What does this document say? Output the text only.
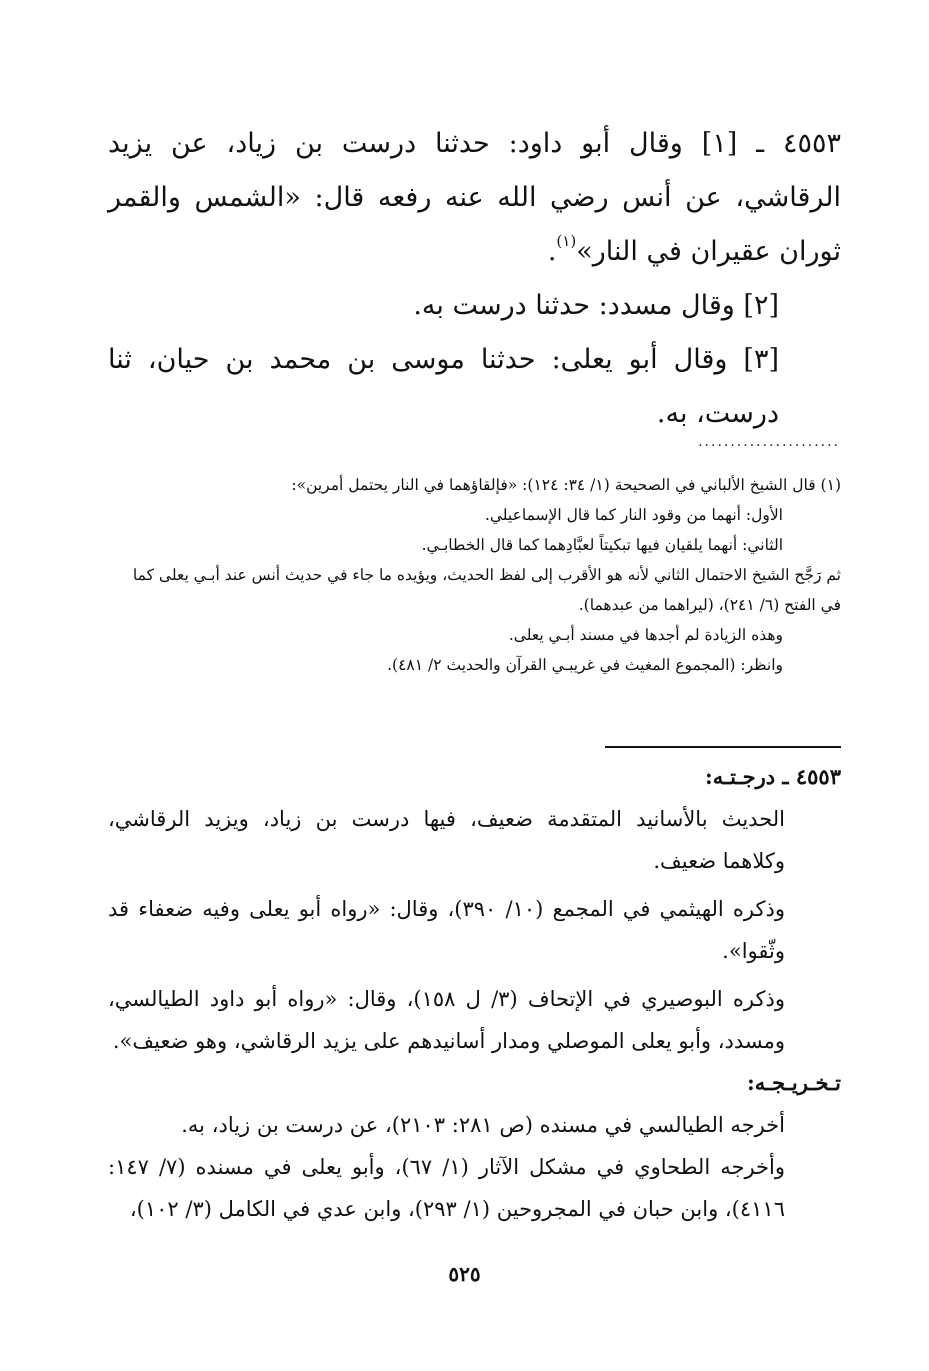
٤٥٥٣ ـ [١] وقال أبو داود: حدثنا درست بن زياد، عن يزيد الرقاشي، عن أنس رضي الله عنه رفعه قال: «الشمس والقمر ثوران عقيران في النار»$^{(١)}$.

[٢] وقال مسدد: حدثنا درست به.

[٣] وقال أبو يعلى: حدثنا موسى بن محمد بن حيان، ثنا درست، به.

......................

(١) قال الشيخ الألباني في الصحيحة (١/ ٣٤: ١٢٤): «فإلقاؤهما في النار يحتمل أمرين»:

الأول: أنهما من وقود النار كما قال الإسماعيلي.

الثاني: أنهما يلقيان فيها تبكيتاً لعبَّادِهما كما قال الخطابـي.

ثم رَجَّح الشيخ الاحتمال الثاني لأنه هو الأقرب إلى لفظ الحديث، ويؤيده ما جاء في حديث أنس عند أبـي يعلى كما في الفتح (٦/ ٢٤١)، (ليراهما من عبدهما).

وهذه الزيادة لم أجدها في مسند أبـي يعلى.

وانظر: (المجموع المغيث في غريبـي القرآن والحديث ٢/ ٤٨١).

٤٥٥٣ ـ درجـتـه:

الحديث بالأسانيد المتقدمة ضعيف، فيها درست بن زياد، ويزيد الرقاشي، وكلاهما ضعيف.

وذكره الهيثمي في المجمع (١٠/ ٣٩٠)، وقال: «رواه أبو يعلى وفيه ضعفاء قد وثّقوا».

وذكره البوصيري في الإتحاف (٣/ ل ١٥٨)، وقال: «رواه أبو داود الطيالسي، ومسدد، وأبو يعلى الموصلي ومدار أسانيدهم على يزيد الرقاشي، وهو ضعيف».

تـخـريـجـه:

أخرجه الطيالسي في مسنده (ص ٢٨١: ٢١٠٣)، عن درست بن زياد، به.

وأخرجه الطحاوي في مشكل الآثار (١/ ٦٧)، وأبو يعلى في مسنده (٧/ ١٤٧: ٤١١٦)، وابن حبان في المجروحين (١/ ٢٩٣)، وابن عدي في الكامل (٣/ ١٠٢)،

٥٢٥
